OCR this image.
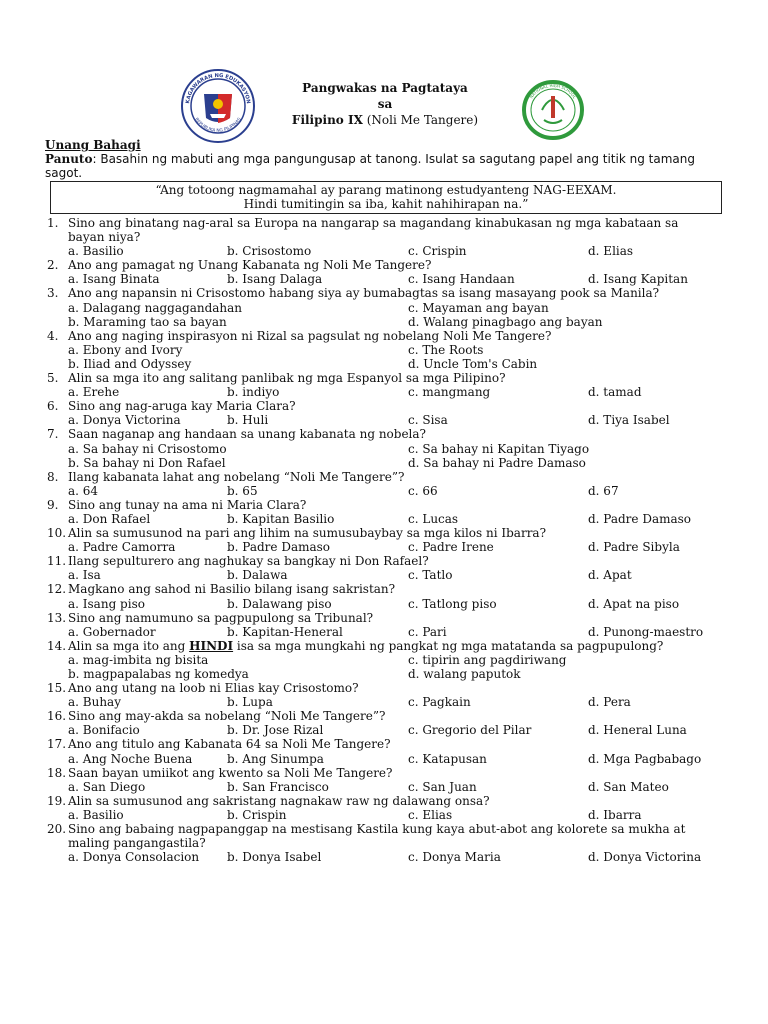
KAGAWARAN NG EDUKASYON
REPUBLIKA NG PILIPINAS
Pangwakas na Pagtataya
sa
Filipino IX (Noli Me Tangere)
NATIONAL HIGH SCHOOL
Unang Bahagi
Panuto: Basahin ng mabuti ang mga pangungusap at tanong. Isulat sa sagutang papel ang titik ng tamang sagot.
“Ang totoong nagmamahal ay parang matinong estudyanteng NAG-EEXAM.
Hindi tumitingin sa iba, kahit nahihirapan na.”
1. Sino ang binatang nag-aral sa Europa na nangarap sa magandang kinabukasan ng mga kabataan sa bayan niya?
a. Basilio	b. Crisostomo	c. Crispin	d. Elias
2. Ano ang pamagat ng Unang Kabanata ng Noli Me Tangere?
a. Isang Binata	b. Isang Dalaga	c. Isang Handaan	d. Isang Kapitan
3. Ano ang napansin ni Crisostomo habang siya ay bumabagtas sa isang masayang pook sa Manila?
a. Dalagang naggagandahan	c. Mayaman ang bayan
b. Maraming tao sa bayan	d. Walang pinagbago ang bayan
4. Ano ang naging inspirasyon ni Rizal sa pagsulat ng nobelang Noli Me Tangere?
a. Ebony and Ivory	c. The Roots
b. Iliad and Odyssey	d. Uncle Tom's Cabin
5. Alin sa mga ito ang salitang panlibak ng mga Espanyol sa mga Pilipino?
a. Erehe	b. indiyo	c. mangmang	d. tamad
6. Sino ang nag-aruga kay Maria Clara?
a. Donya Victorina	b. Huli	c. Sisa	d. Tiya Isabel
7. Saan naganap ang handaan sa unang kabanata ng nobela?
a. Sa bahay ni Crisostomo	c. Sa bahay ni Kapitan Tiyago
b. Sa bahay ni Don Rafael	d. Sa bahay ni Padre Damaso
8. Ilang kabanata lahat ang nobelang “Noli Me Tangere”?
a. 64	b. 65	c. 66	d. 67
9. Sino ang tunay na ama ni Maria Clara?
a. Don Rafael	b. Kapitan Basilio	c. Lucas	d. Padre Damaso
10. Alin sa sumusunod na pari ang lihim na sumusubaybay sa mga kilos ni Ibarra?
a. Padre Camorra	b. Padre Damaso	c. Padre Irene	d. Padre Sibyla
11. Ilang sepulturero ang naghukay sa bangkay ni Don Rafael?
a. Isa	b. Dalawa	c. Tatlo	d. Apat
12. Magkano ang sahod ni Basilio bilang isang sakristan?
a. Isang piso	b. Dalawang piso	c. Tatlong piso	d. Apat na piso
13. Sino ang namumuno sa pagpupulong sa Tribunal?
a. Gobernador	b. Kapitan-Heneral	c. Pari	d. Punong-maestro
14. Alin sa mga ito ang HINDI isa sa mga mungkahi ng pangkat ng mga matatanda sa pagpupulong?
a. mag-imbita ng bisita	c. tipirin ang pagdiriwang
b. magpapalabas ng komedya	d. walang paputok
15. Ano ang utang na loob ni Elias kay Crisostomo?
a. Buhay	b. Lupa	c. Pagkain	d. Pera
16. Sino ang may-akda sa nobelang “Noli Me Tangere”?
a. Bonifacio	b. Dr. Jose Rizal	c. Gregorio del Pilar	d. Heneral Luna
17. Ano ang titulo ang Kabanata 64 sa Noli Me Tangere?
a. Ang Noche Buena	b. Ang Sinumpa	c. Katapusan	d. Mga Pagbabago
18. Saan bayan umiikot ang kwento sa Noli Me Tangere?
a. San Diego	b. San Francisco	c. San Juan	d. San Mateo
19. Alin sa sumusunod ang sakristang nagnakaw raw ng dalawang onsa?
a. Basilio	b. Crispin	c. Elias	d. Ibarra
20. Sino ang babaing nagpapanggap na mestisang Kastila kung kaya abut-abot ang kolorete sa mukha at maling pangangastila?
a. Donya Consolacion b. Donya Isabel	c. Donya Maria	d. Donya Victorina
